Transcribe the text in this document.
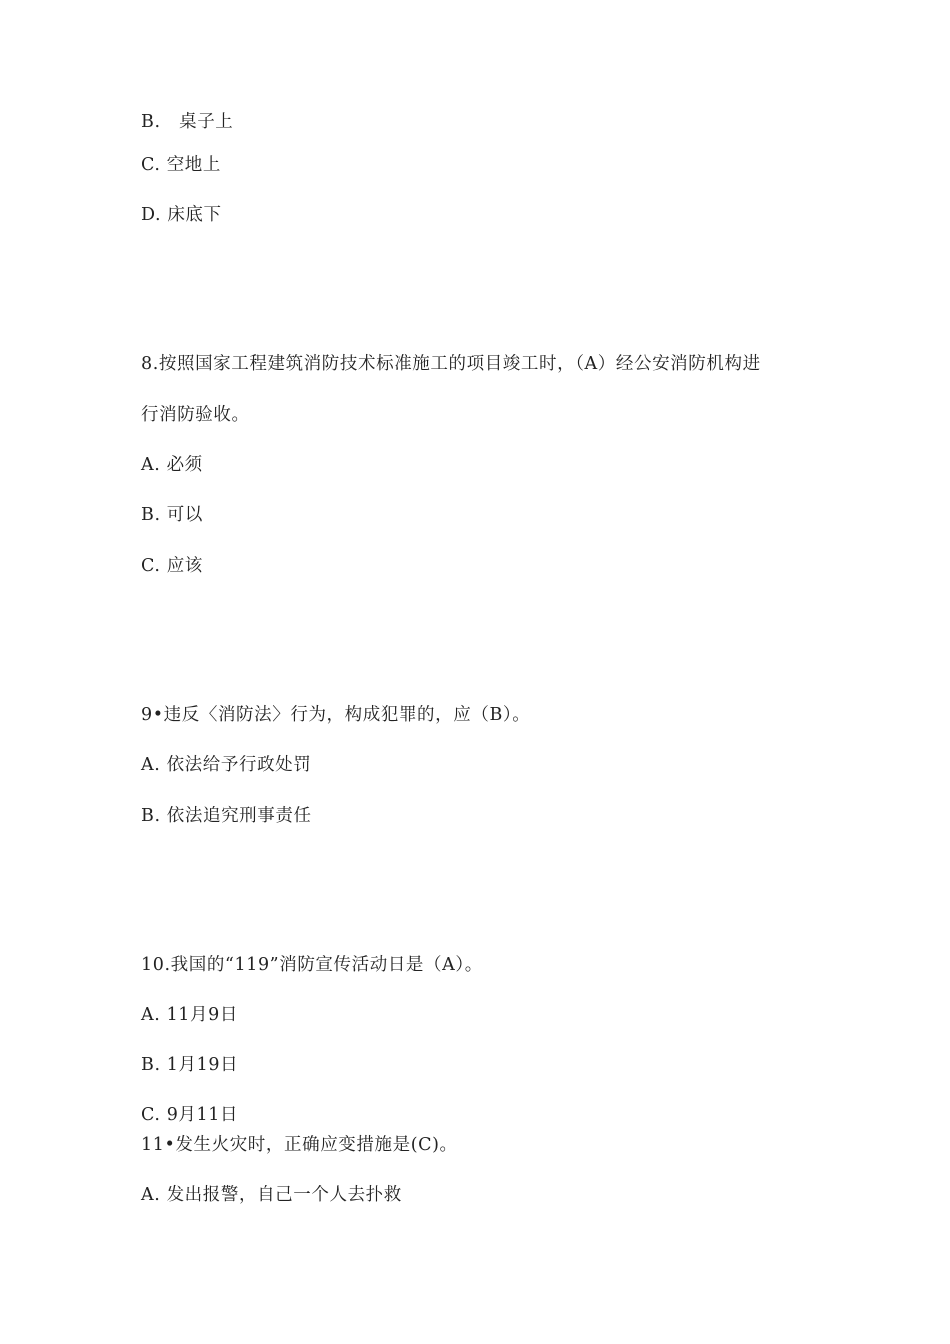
B.   桌子上
C. 空地上
D. 床底下
8.按照国家工程建筑消防技术标准施工的项目竣工时，（A）经公安消防机构进
行消防验收。
A. 必须
B. 可以
C. 应该
9•违反〈消防法〉行为，构成犯罪的，应（B）。
A. 依法给予行政处罚
B. 依法追究刑事责任
10.我国的“119”消防宣传活动日是（A）。
A. 11月9日
B. 1月19日
C. 9月11日
11•发生火灾时，正确应变措施是(C)。
A. 发出报警，自己一个人去扑救
